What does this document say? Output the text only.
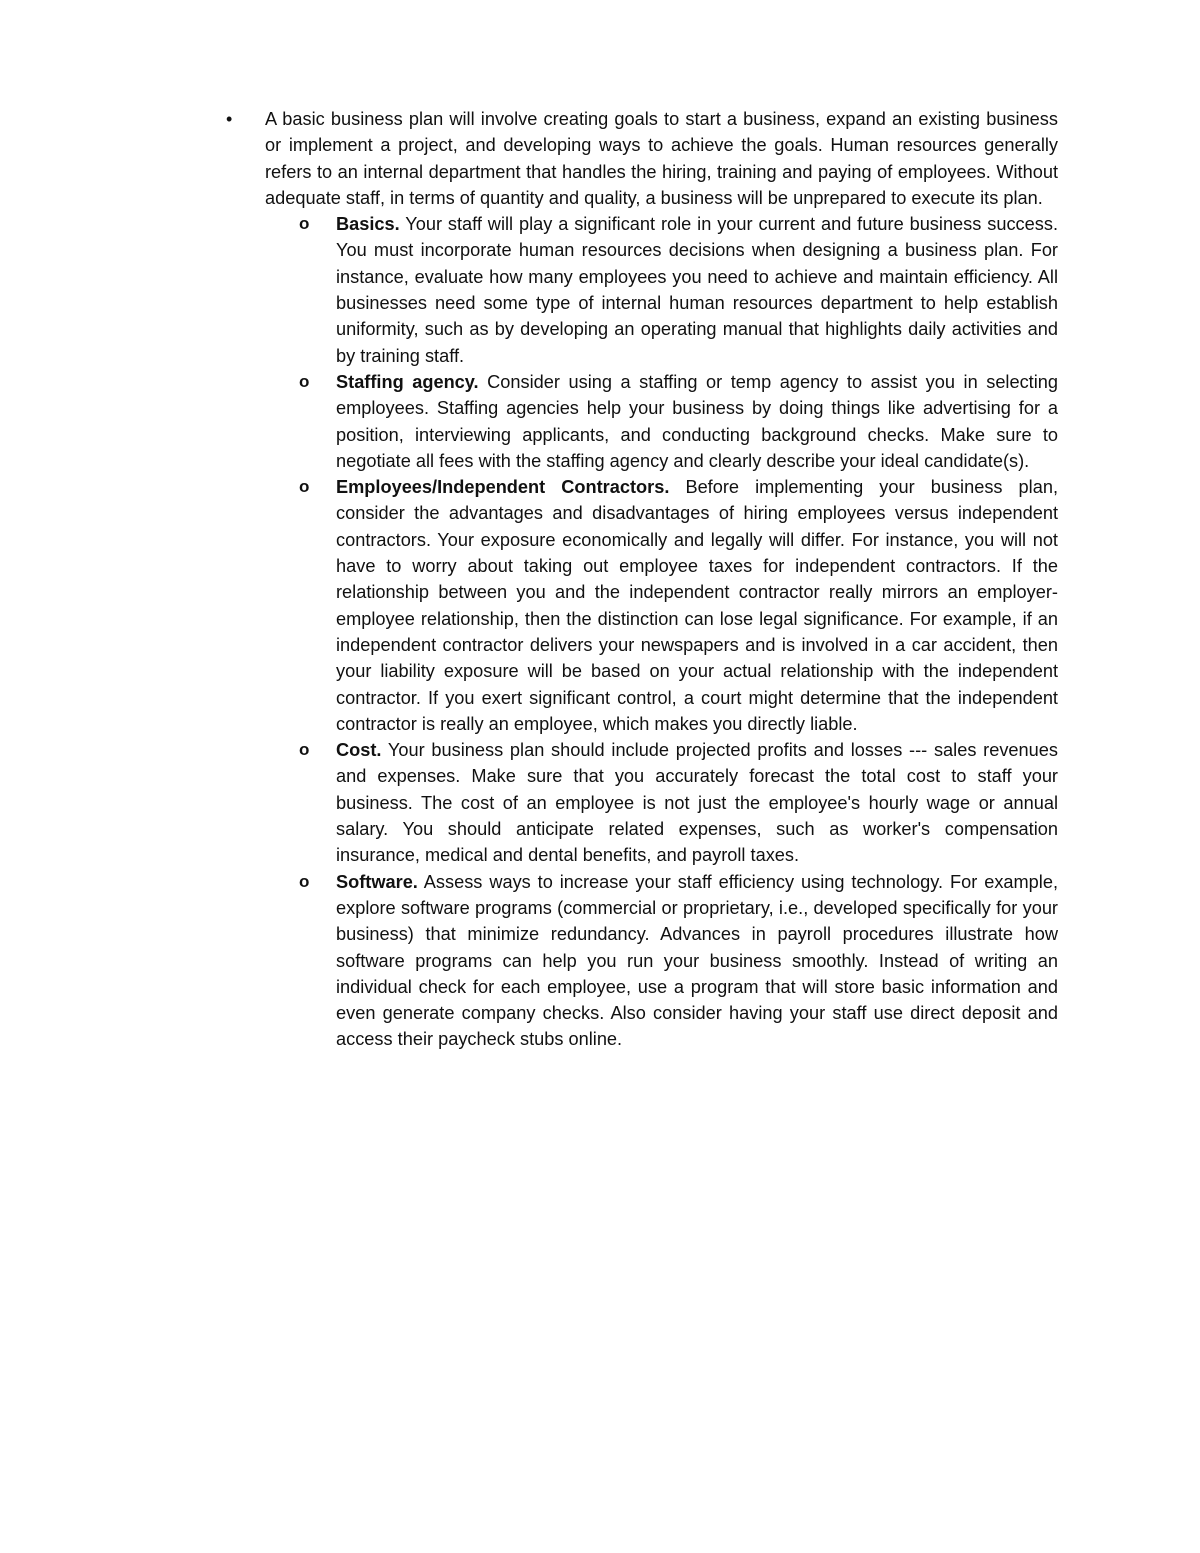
• A basic business plan will involve creating goals to start a business, expand an existing business or implement a project, and developing ways to achieve the goals. Human resources generally refers to an internal department that handles the hiring, training and paying of employees. Without adequate staff, in terms of quantity and quality, a business will be unprepared to execute its plan.
o Basics. Your staff will play a significant role in your current and future business success. You must incorporate human resources decisions when designing a business plan. For instance, evaluate how many employees you need to achieve and maintain efficiency. All businesses need some type of internal human resources department to help establish uniformity, such as by developing an operating manual that highlights daily activities and by training staff.
o Staffing agency. Consider using a staffing or temp agency to assist you in selecting employees. Staffing agencies help your business by doing things like advertising for a position, interviewing applicants, and conducting background checks. Make sure to negotiate all fees with the staffing agency and clearly describe your ideal candidate(s).
o Employees/Independent Contractors. Before implementing your business plan, consider the advantages and disadvantages of hiring employees versus independent contractors. Your exposure economically and legally will differ. For instance, you will not have to worry about taking out employee taxes for independent contractors. If the relationship between you and the independent contractor really mirrors an employer-employee relationship, then the distinction can lose legal significance. For example, if an independent contractor delivers your newspapers and is involved in a car accident, then your liability exposure will be based on your actual relationship with the independent contractor. If you exert significant control, a court might determine that the independent contractor is really an employee, which makes you directly liable.
o Cost. Your business plan should include projected profits and losses --- sales revenues and expenses. Make sure that you accurately forecast the total cost to staff your business. The cost of an employee is not just the employee's hourly wage or annual salary. You should anticipate related expenses, such as worker's compensation insurance, medical and dental benefits, and payroll taxes.
o Software. Assess ways to increase your staff efficiency using technology. For example, explore software programs (commercial or proprietary, i.e., developed specifically for your business) that minimize redundancy. Advances in payroll procedures illustrate how software programs can help you run your business smoothly. Instead of writing an individual check for each employee, use a program that will store basic information and even generate company checks. Also consider having your staff use direct deposit and access their paycheck stubs online.
